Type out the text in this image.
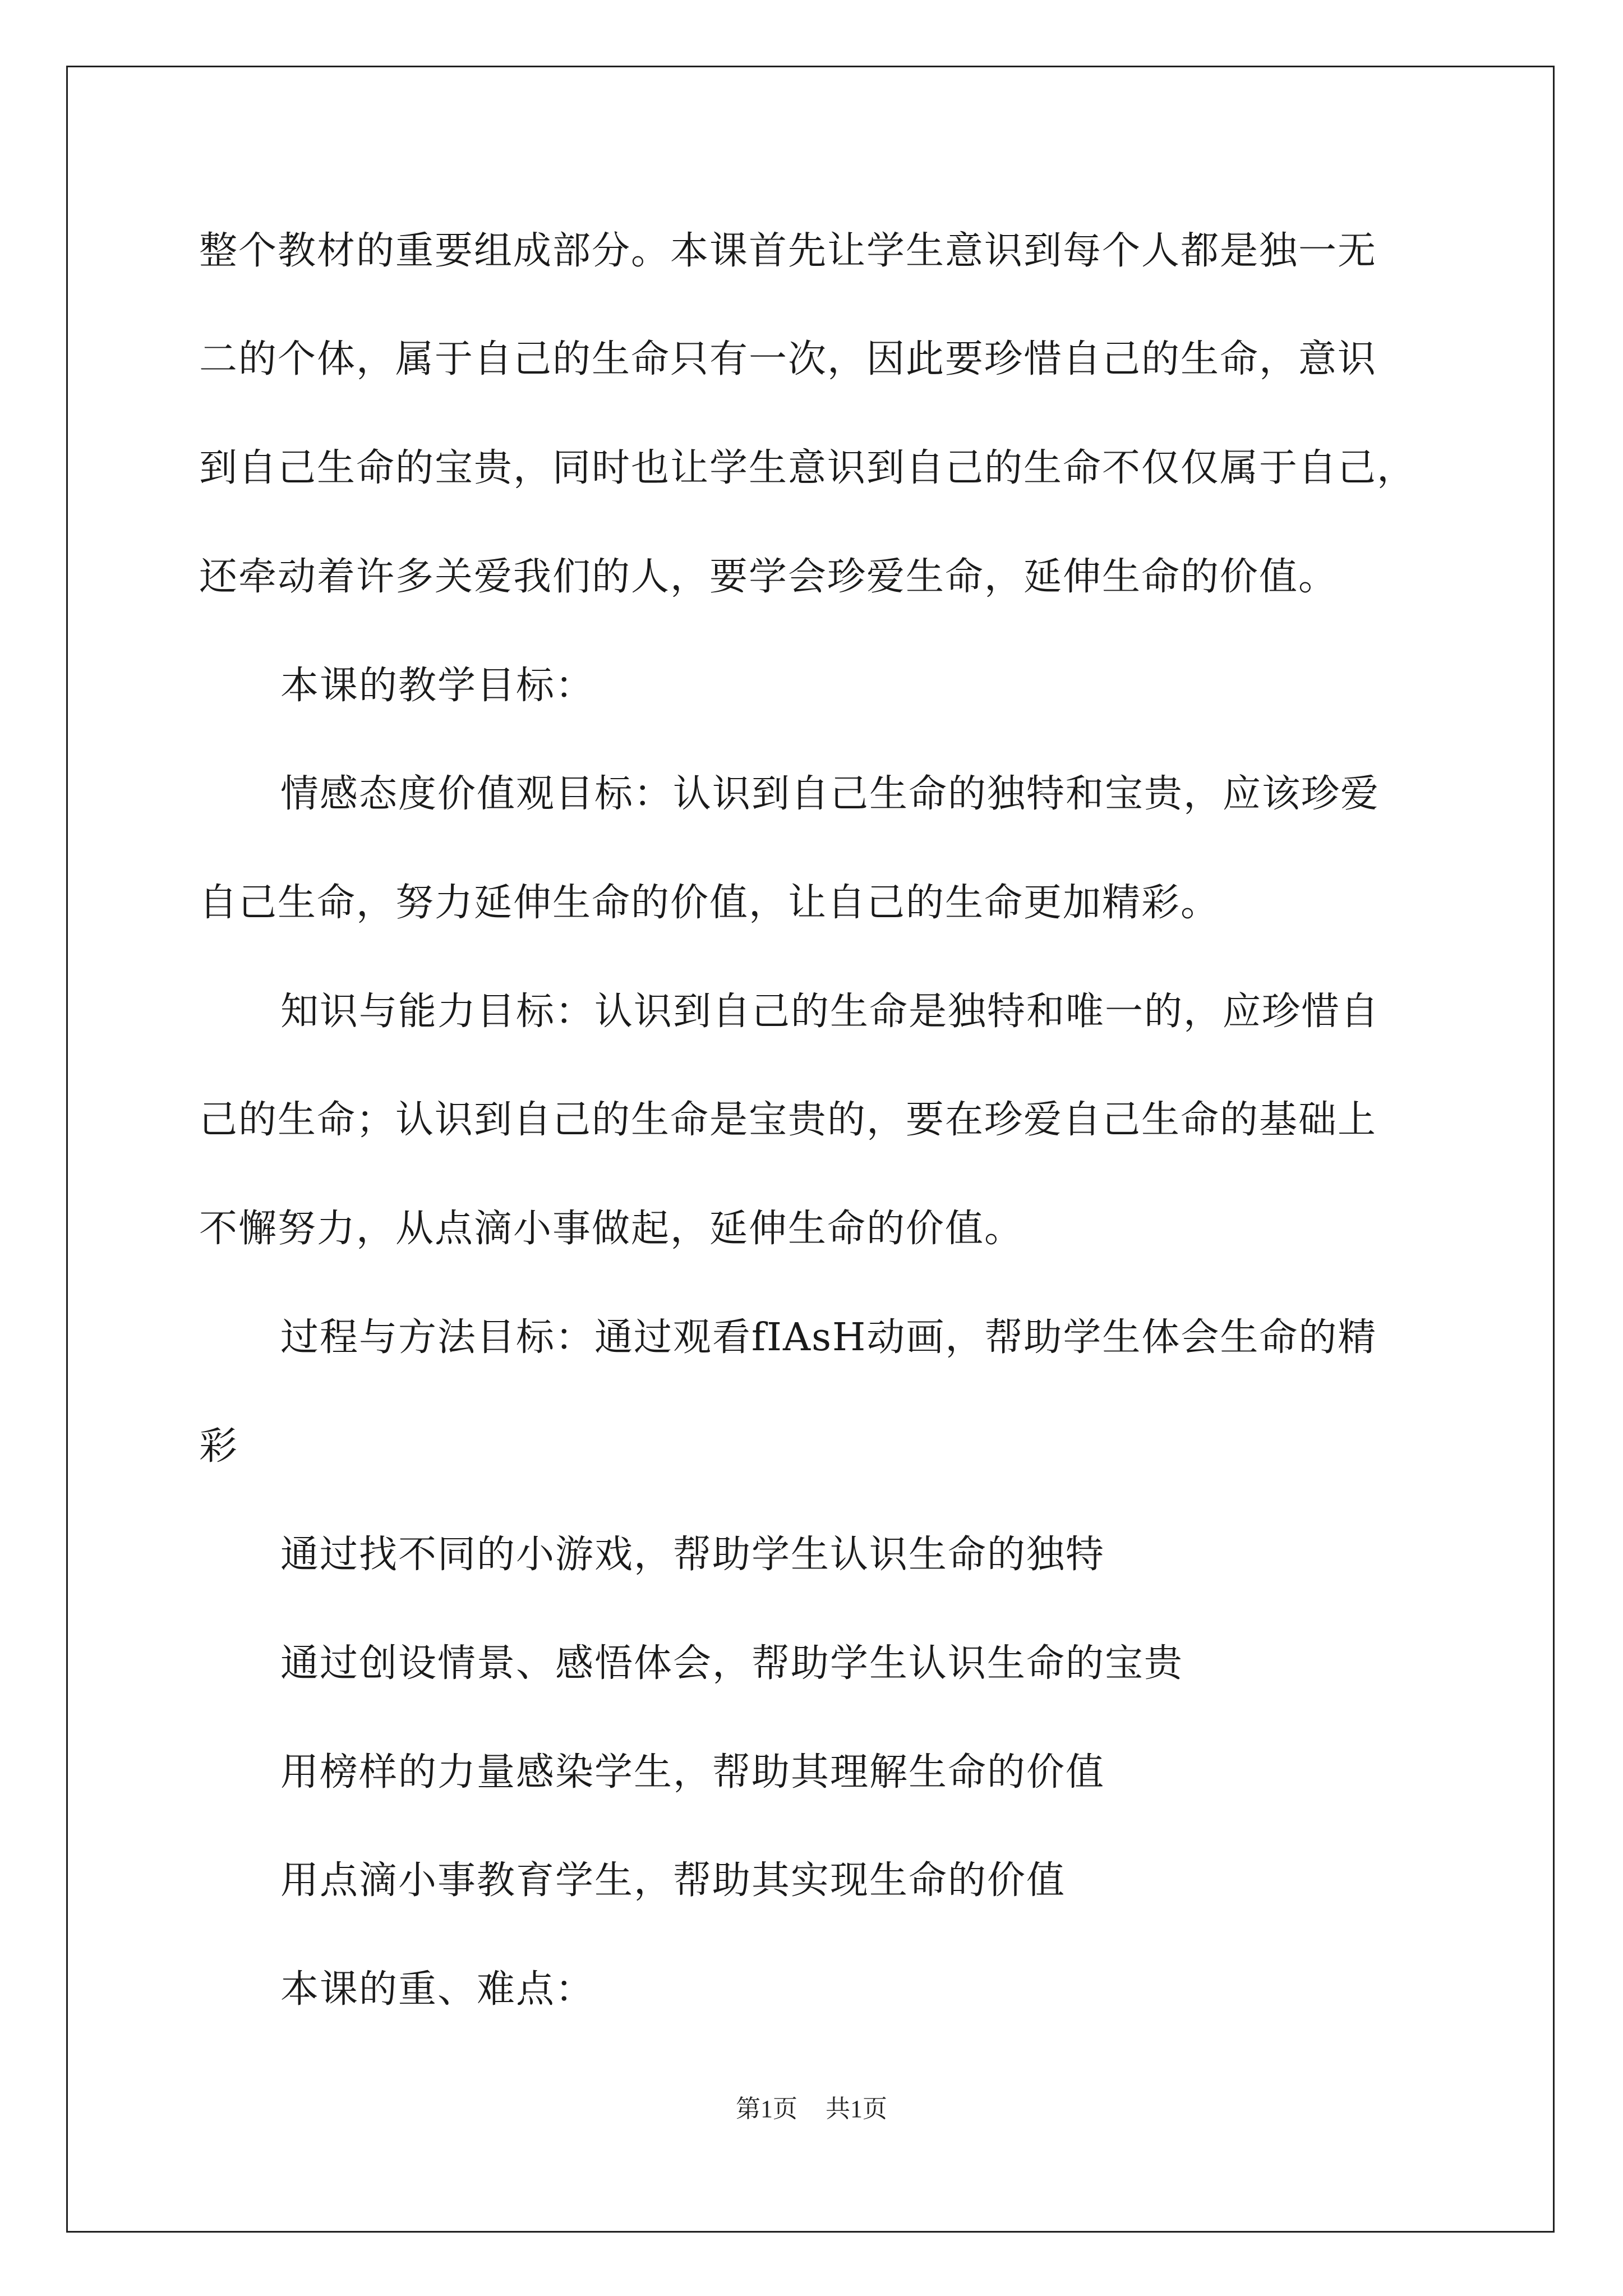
整个教材的重要组成部分。本课首先让学生意识到每个人都是独一无
二的个体，属于自己的生命只有一次，因此要珍惜自己的生命，意识
到自己生命的宝贵，同时也让学生意识到自己的生命不仅仅属于自己，
还牵动着许多关爱我们的人，要学会珍爱生命，延伸生命的价值。
本课的教学目标：
情感态度价值观目标：认识到自己生命的独特和宝贵，应该珍爱
自己生命，努力延伸生命的价值，让自己的生命更加精彩。
知识与能力目标：认识到自己的生命是独特和唯一的，应珍惜自
己的生命；认识到自己的生命是宝贵的，要在珍爱自己生命的基础上
不懈努力，从点滴小事做起，延伸生命的价值。
过程与方法目标：通过观看fIAsH动画，帮助学生体会生命的精
彩
通过找不同的小游戏，帮助学生认识生命的独特
通过创设情景、感悟体会，帮助学生认识生命的宝贵
用榜样的力量感染学生，帮助其理解生命的价值
用点滴小事教育学生，帮助其实现生命的价值
本课的重、难点：
第1页 共1页
